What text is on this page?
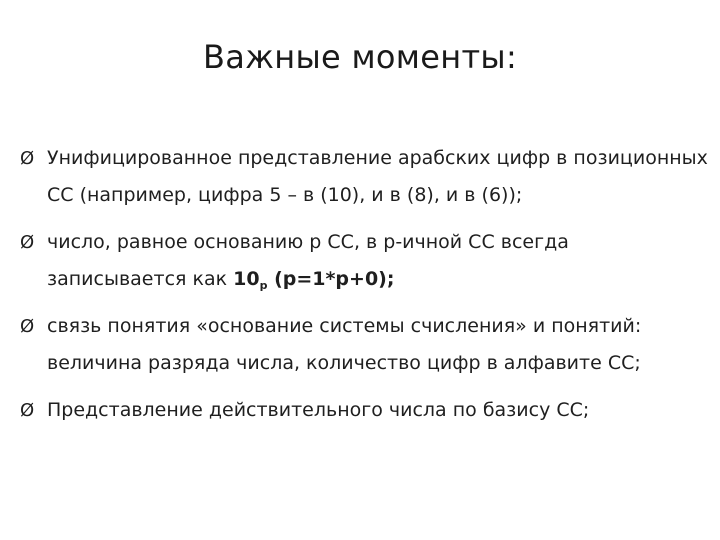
Важные моменты:
Ø Унифицированное представление арабских цифр в позиционных СС (например, цифра 5 – в (10), и в (8), и в (6));
Ø число, равное основанию p СС, в p-ичной СС всегда записывается как $10_p$ (p=1*p+0);
Ø связь понятия «основание системы счисления» и понятий: величина разряда числа, количество цифр в алфавите СС;
Ø Представление действительного числа по базису СС;
